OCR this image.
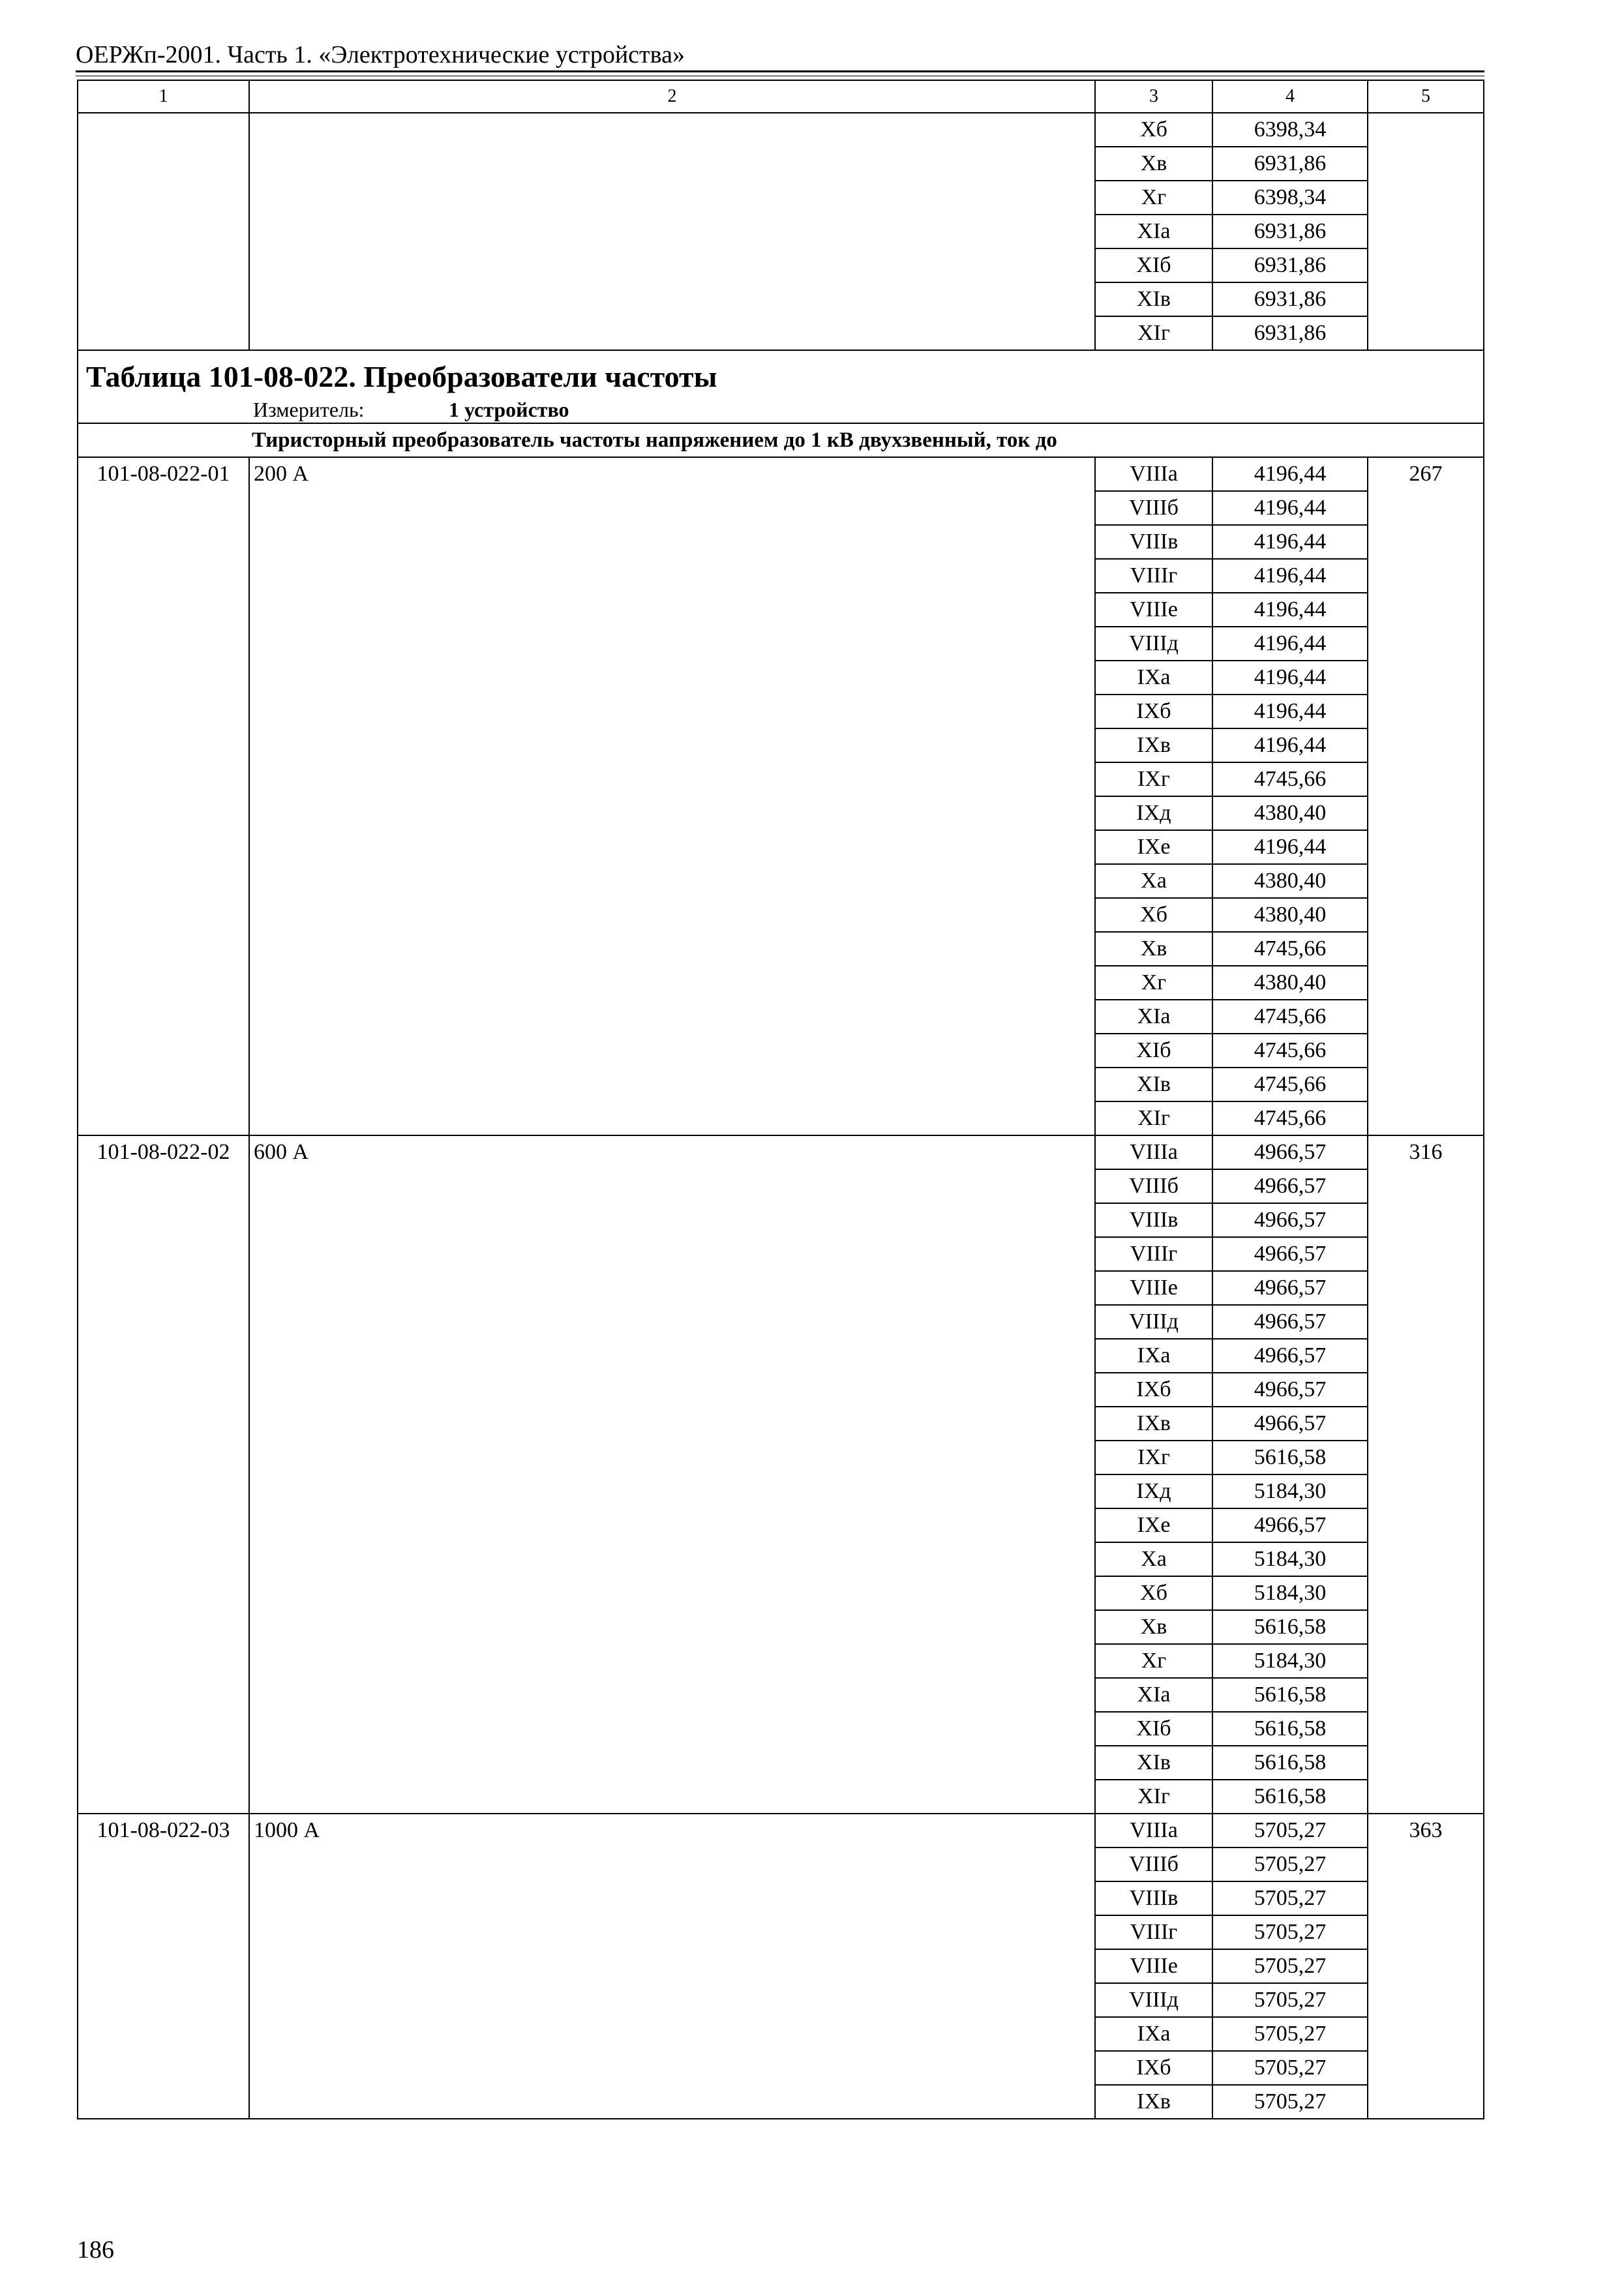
ОЕРЖп-2001. Часть 1. «Электротехнические устройства»
1	2	3	4	5
		Хб	6398,34	
		Хв	6931,86	
		Хг	6398,34	
		XIа	6931,86	
		XIб	6931,86	
		XIв	6931,86	
		XIг	6931,86	

Таблица 101-08-022. Преобразователи частоты
Измеритель: 1 устройство				

Тиристорный преобразователь частоты напряжением до 1 кВ двухзвенный, ток до				
101-08-022-01	200 А	VIIIа	4196,44	267
		VIIIб	4196,44	
		VIIIв	4196,44	
		VIIIг	4196,44	
		VIIIе	4196,44	
		VIIIд	4196,44	
		IXа	4196,44	
		IXб	4196,44	
		IXв	4196,44	
		IXг	4745,66	
		IXд	4380,40	
		IXе	4196,44	
		Xа	4380,40	
		Xб	4380,40	
		Xв	4745,66	
		Xг	4380,40	
		XIа	4745,66	
		XIб	4745,66	
		XIв	4745,66	
		XIг	4745,66	
101-08-022-02	600 А	VIIIа	4966,57	316
		VIIIб	4966,57	
		VIIIв	4966,57	
		VIIIг	4966,57	
		VIIIе	4966,57	
		VIIIд	4966,57	
		IXа	4966,57	
		IXб	4966,57	
		IXв	4966,57	
		IXг	5616,58	
		IXд	5184,30	
		IXе	4966,57	
		Xа	5184,30	
		Xб	5184,30	
		Xв	5616,58	
		Xг	5184,30	
		XIа	5616,58	
		XIб	5616,58	
		XIв	5616,58	
		XIг	5616,58	
101-08-022-03	1000 А	VIIIа	5705,27	363
		VIIIб	5705,27	
		VIIIв	5705,27	
		VIIIг	5705,27	
		VIIIе	5705,27	
		VIIIд	5705,27	
		IXа	5705,27	
		IXб	5705,27	
		IXв	5705,27	
186
